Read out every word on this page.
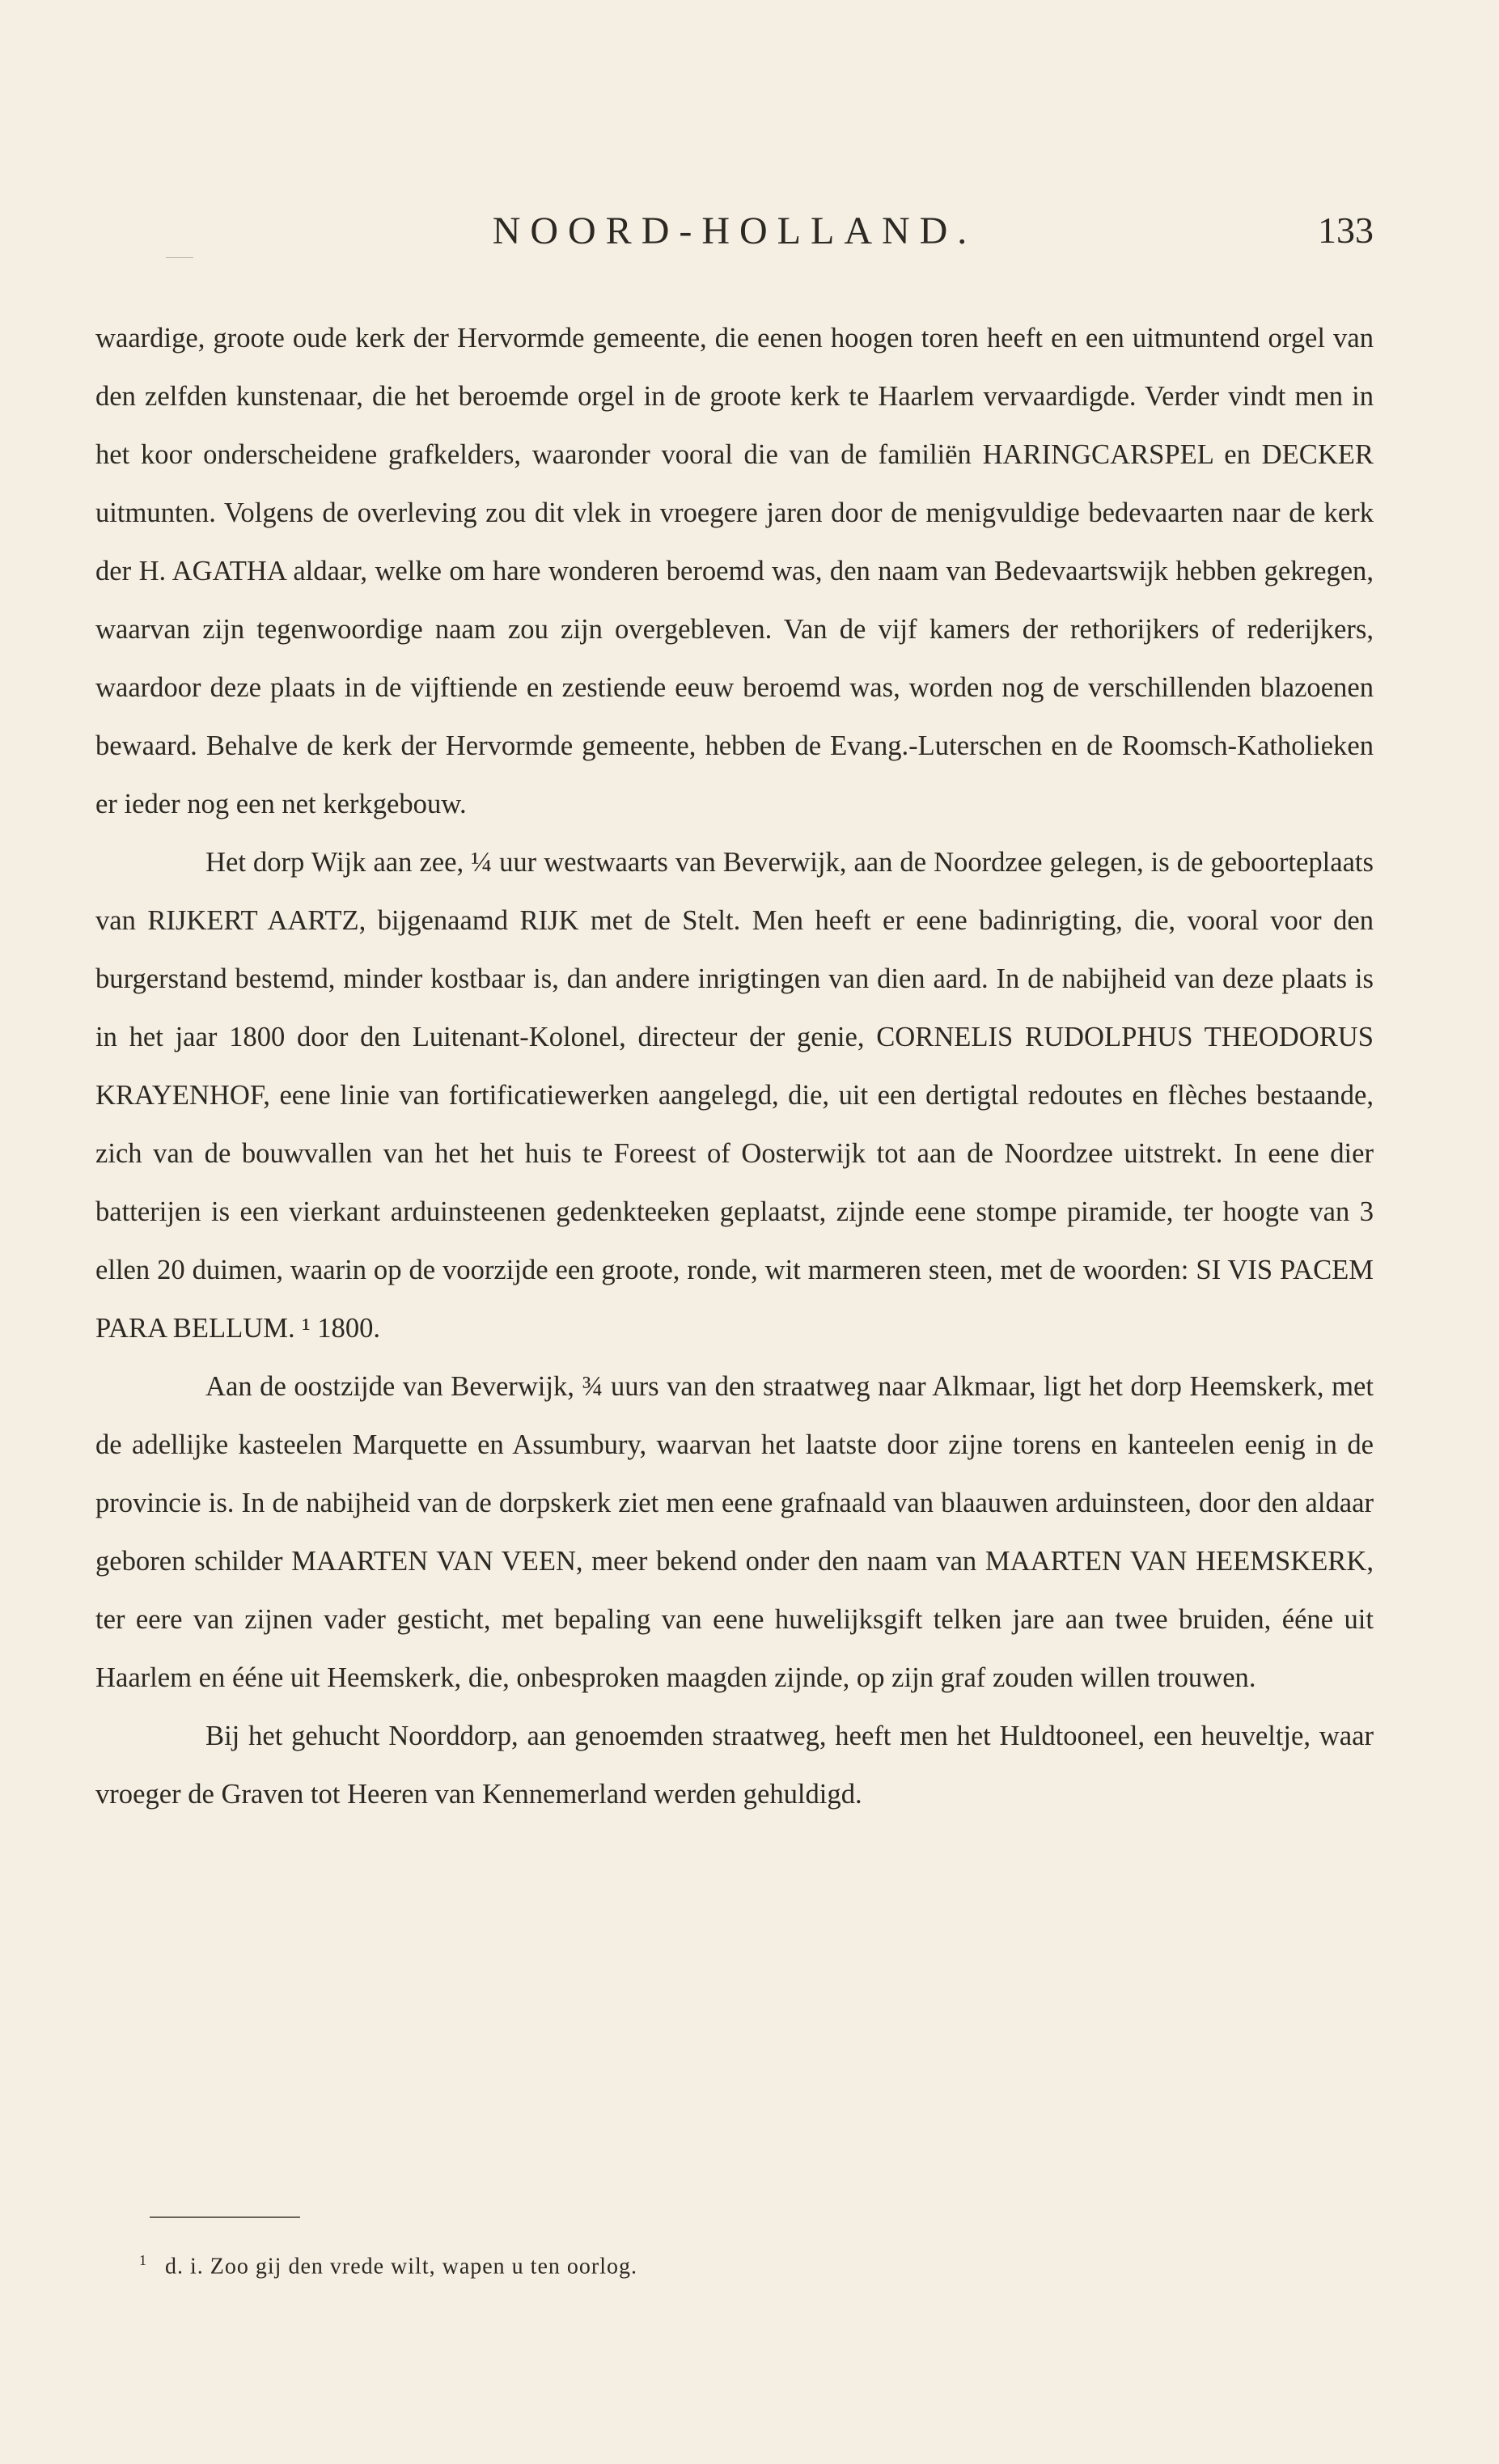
NOORD-HOLLAND.	133

waardige, groote oude kerk der Hervormde gemeente, die eenen hoogen toren heeft en een uitmuntend orgel van den zelfden kunstenaar, die het beroemde orgel in de groote kerk te Haarlem vervaardigde. Verder vindt men in het koor onderscheidene grafkelders, waaronder vooral die van de familiën HARINGCARSPEL en DECKER uitmunten. Volgens de overleving zou dit vlek in vroegere jaren door de menigvuldige bedevaarten naar de kerk der H. AGATHA aldaar, welke om hare wonderen beroemd was, den naam van Bedevaartswijk hebben gekregen, waarvan zijn tegenwoordige naam zou zijn overgebleven. Van de vijf kamers der rethorijkers of rederijkers, waardoor deze plaats in de vijftiende en zestiende eeuw beroemd was, worden nog de verschillenden blazoenen bewaard. Behalve de kerk der Hervormde gemeente, hebben de Evang.-Luterschen en de Roomsch-Katholieken er ieder nog een net kerkgebouw.

Het dorp Wijk aan zee, ¼ uur westwaarts van Beverwijk, aan de Noordzee gelegen, is de geboorteplaats van RIJKERT AARTZ, bijgenaamd RIJK met de Stelt. Men heeft er eene badinrigting, die, vooral voor den burgerstand bestemd, minder kostbaar is, dan andere inrigtingen van dien aard. In de nabijheid van deze plaats is in het jaar 1800 door den Luitenant-Kolonel, directeur der genie, CORNELIS RUDOLPHUS THEODORUS KRAYENHOF, eene linie van fortificatiewerken aangelegd, die, uit een dertigtal redoutes en flèches bestaande, zich van de bouwvallen van het het huis te Foreest of Oosterwijk tot aan de Noordzee uitstrekt. In eene dier batterijen is een vierkant arduinsteenen gedenkteeken geplaatst, zijnde eene stompe piramide, ter hoogte van 3 ellen 20 duimen, waarin op de voorzijde een groote, ronde, wit marmeren steen, met de woorden: SI VIS PACEM PARA BELLUM. ¹ 1800.

Aan de oostzijde van Beverwijk, ¾ uurs van den straatweg naar Alkmaar, ligt het dorp Heemskerk, met de adellijke kasteelen Marquette en Assumbury, waarvan het laatste door zijne torens en kanteelen eenig in de provincie is. In de nabijheid van de dorpskerk ziet men eene grafnaald van blaauwen arduinsteen, door den aldaar geboren schilder MAARTEN VAN VEEN, meer bekend onder den naam van MAARTEN VAN HEEMSKERK, ter eere van zijnen vader gesticht, met bepaling van eene huwelijksgift telken jare aan twee bruiden, ééne uit Haarlem en ééne uit Heemskerk, die, onbesproken maagden zijnde, op zijn graf zouden willen trouwen.

Bij het gehucht Noorddorp, aan genoemden straatweg, heeft men het Huldtooneel, een heuveltje, waar vroeger de Graven tot Heeren van Kennemerland werden gehuldigd.

$^1$ d. i. Zoo gij den vrede wilt, wapen u ten oorlog.
